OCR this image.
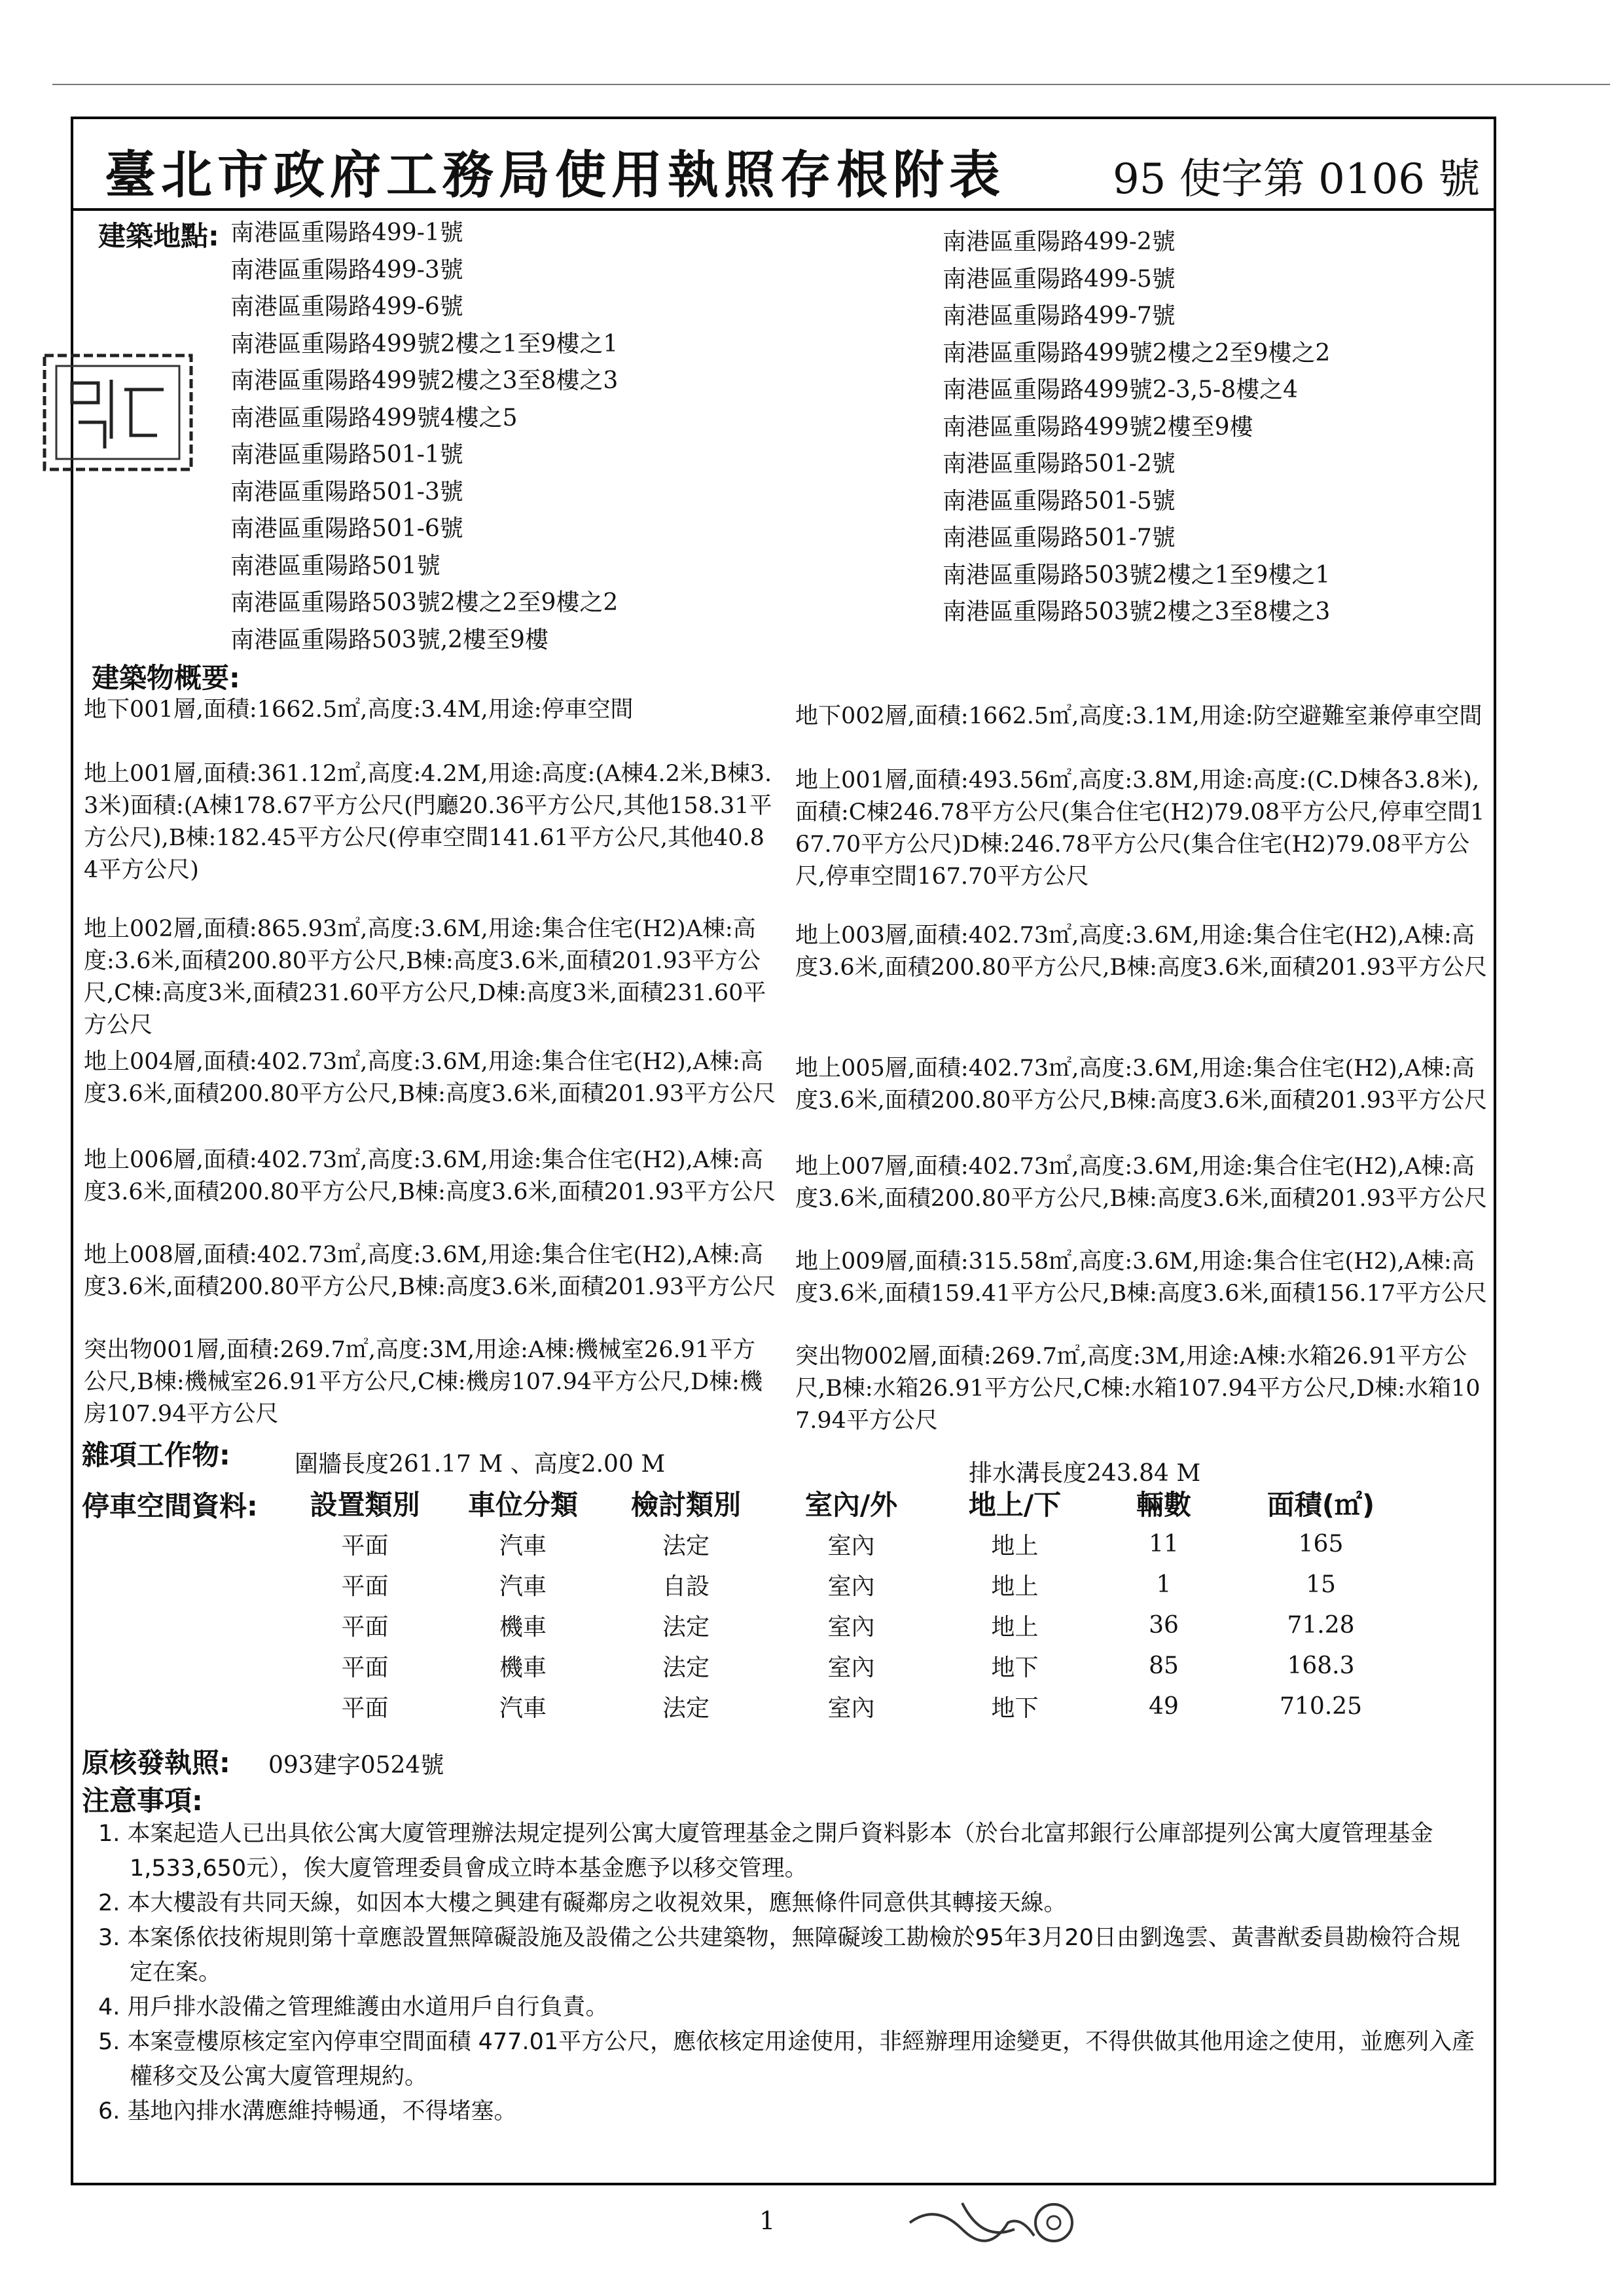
臺北市政府工務局使用執照存根附表	95 使字第 0106 號
建築地點: 南港區重陽路499-1號
南港區重陽路499-3號
南港區重陽路499-6號
南港區重陽路499號2樓之1至9樓之1
南港區重陽路499號2樓之3至8樓之3
南港區重陽路499號4樓之5
南港區重陽路501-1號
南港區重陽路501-3號
南港區重陽路501-6號
南港區重陽路501號
南港區重陽路503號2樓之2至9樓之2
南港區重陽路503號,2樓至9樓
南港區重陽路499-2號
南港區重陽路499-5號
南港區重陽路499-7號
南港區重陽路499號2樓之2至9樓之2
南港區重陽路499號2-3,5-8樓之4
南港區重陽路499號2樓至9樓
南港區重陽路501-2號
南港區重陽路501-5號
南港區重陽路501-7號
南港區重陽路503號2樓之1至9樓之1
南港區重陽路503號2樓之3至8樓之3
建築物概要:
地下001層,面積:1662.5㎡,高度:3.4M,用途:停車空間	地下002層,面積:1662.5㎡,高度:3.1M,用途:防空避難室兼停車空間
地上001層,面積:361.12㎡,高度:4.2M,用途:高度:(A棟4.2米,B棟3.3米)面積:(A棟178.67平方公尺(門廳20.36平方公尺,其他158.31平方公尺),B棟:182.45平方公尺(停車空間141.61平方公尺,其他40.84平方公尺)
地上001層,面積:493.56㎡,高度:3.8M,用途:高度:(C.D棟各3.8米),面積:C棟246.78平方公尺(集合住宅(H2)79.08平方公尺,停車空間167.70平方公尺)D棟:246.78平方公尺(集合住宅(H2)79.08平方公尺,停車空間167.70平方公尺
地上002層,面積:865.93㎡,高度:3.6M,用途:集合住宅(H2)A棟:高度:3.6米,面積200.80平方公尺,B棟:高度3.6米,面積201.93平方公尺,C棟:高度3米,面積231.60平方公尺,D棟:高度3米,面積231.60平方公尺
地上003層,面積:402.73㎡,高度:3.6M,用途:集合住宅(H2),A棟:高度3.6米,面積200.80平方公尺,B棟:高度3.6米,面積201.93平方公尺
地上004層,面積:402.73㎡,高度:3.6M,用途:集合住宅(H2),A棟:高度3.6米,面積200.80平方公尺,B棟:高度3.6米,面積201.93平方公尺
地上005層,面積:402.73㎡,高度:3.6M,用途:集合住宅(H2),A棟:高度3.6米,面積200.80平方公尺,B棟:高度3.6米,面積201.93平方公尺
地上006層,面積:402.73㎡,高度:3.6M,用途:集合住宅(H2),A棟:高度3.6米,面積200.80平方公尺,B棟:高度3.6米,面積201.93平方公尺
地上007層,面積:402.73㎡,高度:3.6M,用途:集合住宅(H2),A棟:高度3.6米,面積200.80平方公尺,B棟:高度3.6米,面積201.93平方公尺
地上008層,面積:402.73㎡,高度:3.6M,用途:集合住宅(H2),A棟:高度3.6米,面積200.80平方公尺,B棟:高度3.6米,面積201.93平方公尺
地上009層,面積:315.58㎡,高度:3.6M,用途:集合住宅(H2),A棟:高度3.6米,面積159.41平方公尺,B棟:高度3.6米,面積156.17平方公尺
突出物001層,面積:269.7㎡,高度:3M,用途:A棟:機械室26.91平方公尺,B棟:機械室26.91平方公尺,C棟:機房107.94平方公尺,D棟:機房107.94平方公尺
突出物002層,面積:269.7㎡,高度:3M,用途:A棟:水箱26.91平方公尺,B棟:水箱26.91平方公尺,C棟:水箱107.94平方公尺,D棟:水箱107.94平方公尺
雜項工作物:	圍牆長度261.17 M 、高度2.00 M	排水溝長度243.84 M
停車空間資料: 設置類別	車位分類	檢討類別	室內/外	地上/下	輛數	面積(㎡)
平面	汽車	法定	室內	地上	11	165
平面	汽車	自設	室內	地上	1	15
平面	機車	法定	室內	地上	36	71.28
平面	機車	法定	室內	地下	85	168.3
平面	汽車	法定	室內	地下	49	710.25
原核發執照: 093建字0524號
注意事項:
1. 本案起造人已出具依公寓大廈管理辦法規定提列公寓大廈管理基金之開戶資料影本（於台北富邦銀行公庫部提列公寓大廈管理基金1,533,650元），俟大廈管理委員會成立時本基金應予以移交管理。
2. 本大樓設有共同天線，如因本大樓之興建有礙鄰房之收視效果，應無條件同意供其轉接天線。
3. 本案係依技術規則第十章應設置無障礙設施及設備之公共建築物，無障礙竣工勘檢於95年3月20日由劉逸雲、黃書猷委員勘檢符合規定在案。
4. 用戶排水設備之管理維護由水道用戶自行負責。
5. 本案壹樓原核定室內停車空間面積 477.01平方公尺，應依核定用途使用，非經辦理用途變更，不得供做其他用途之使用，並應列入產權移交及公寓大廈管理規約。
6. 基地內排水溝應維持暢通，不得堵塞。
1
